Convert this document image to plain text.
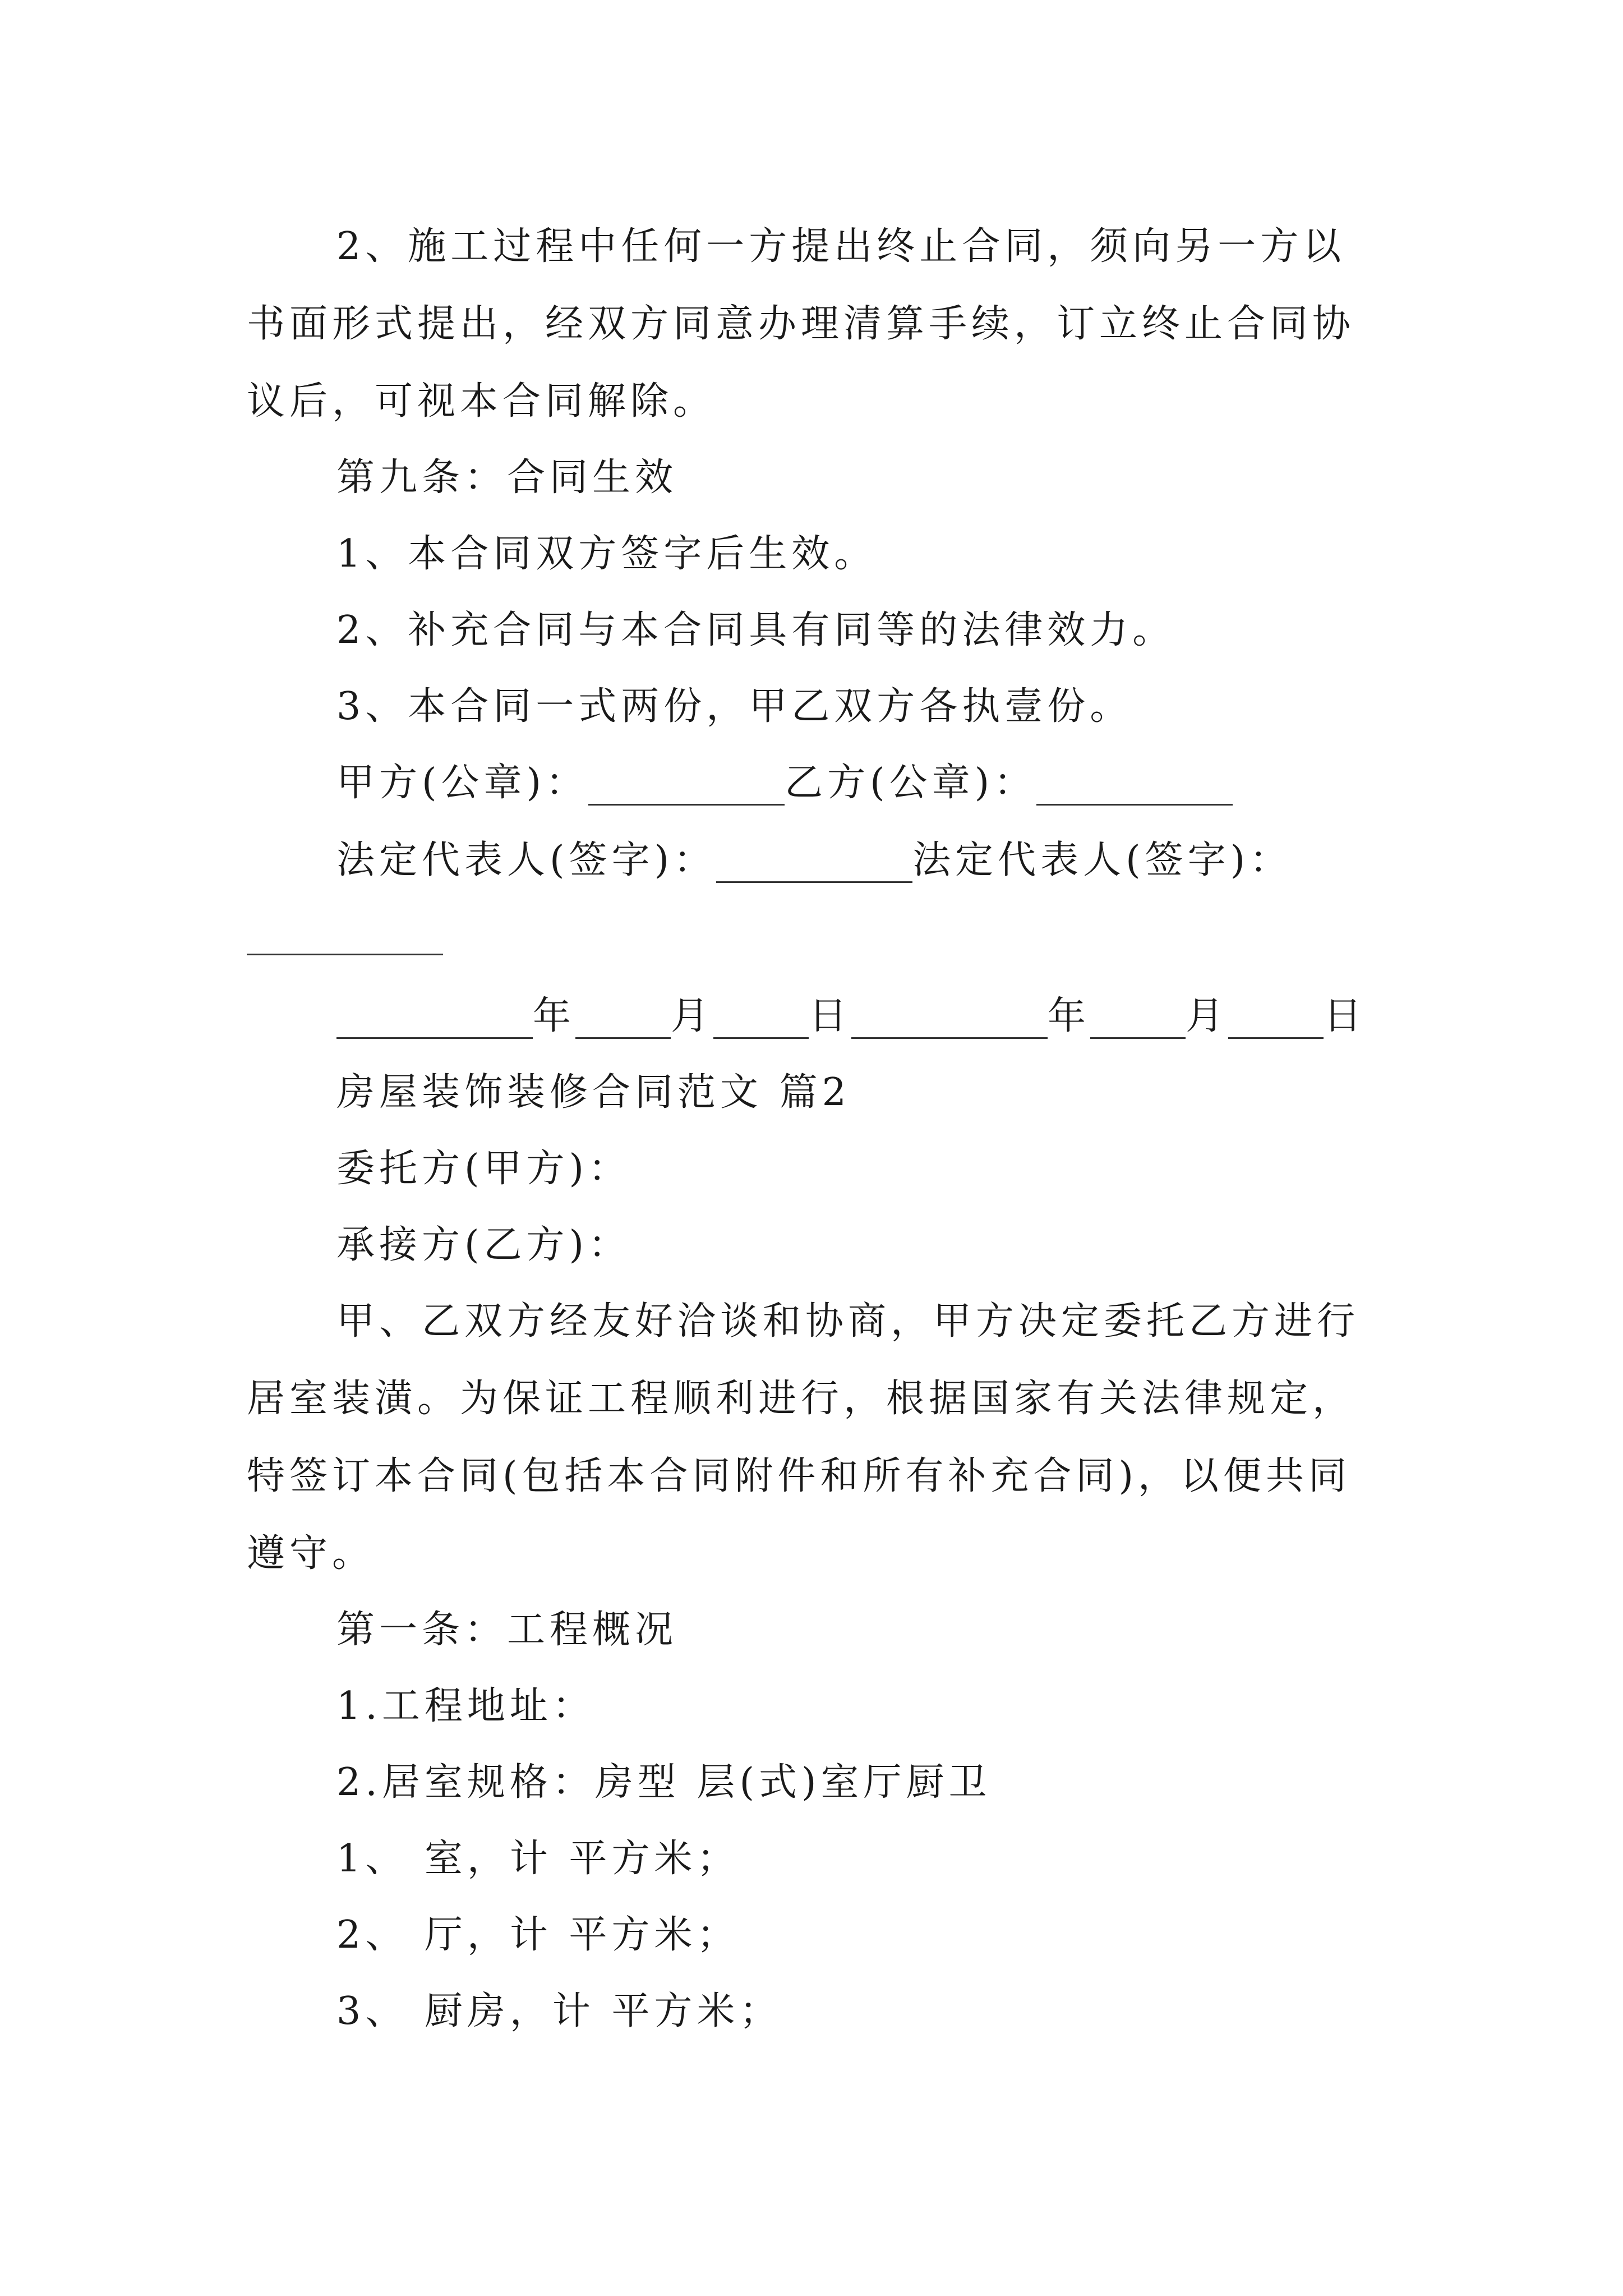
2、施工过程中任何一方提出终止合同，须向另一方以
书面形式提出，经双方同意办理清算手续，订立终止合同协
议后，可视本合同解除。
第九条：合同生效
1、本合同双方签字后生效。
2、补充合同与本合同具有同等的法律效力。
3、本合同一式两份，甲乙双方各执壹份。
甲方(公章)：	乙方(公章)：
法定代表人(签字)：	法定代表人(签字)：
年	月	日	年	月	日
房屋装饰装修合同范文 篇2
委托方(甲方)：
承接方(乙方)：
甲、乙双方经友好洽谈和协商，甲方决定委托乙方进行
居室装潢。为保证工程顺利进行，根据国家有关法律规定，
特签订本合同(包括本合同附件和所有补充合同)，以便共同
遵守。
第一条：工程概况
1.工程地址：
2.居室规格：房型 层(式)室厅厨卫
1、 室，计 平方米；
2、 厅，计 平方米；
3、 厨房，计 平方米；
